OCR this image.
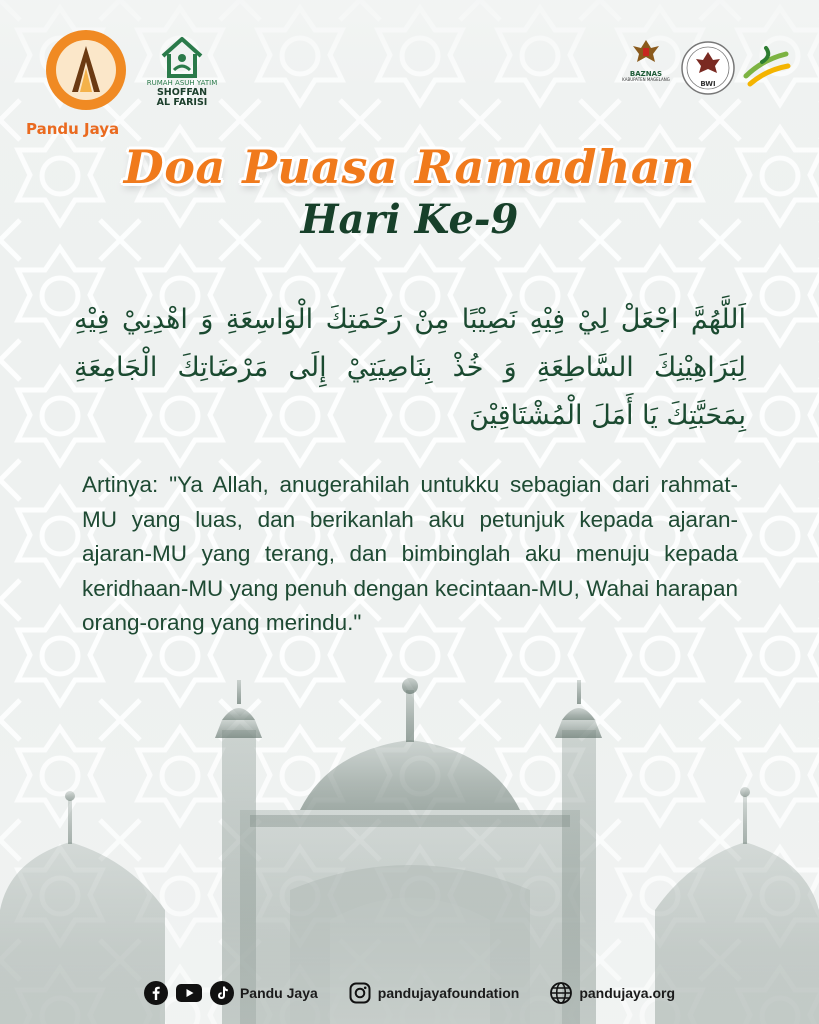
Pandu Jaya
RUMAH ASUH YATIM
SHOFFAN
AL FARISI
BAZNAS
KABUPATEN MAGELANG
BWI
Doa Puasa Ramadhan
Hari Ke-9
اَللَّهُمَّ اجْعَلْ لِيْ فِيْهِ نَصِيْبًا مِنْ رَحْمَتِكَ الْوَاسِعَةِ وَ اهْدِنِيْ فِيْهِ لِبَرَاهِيْنِكَ السَّاطِعَةِ وَ خُذْ بِنَاصِيَتِيْ إِلَى مَرْضَاتِكَ الْجَامِعَةِ بِمَحَبَّتِكَ يَا أَمَلَ الْمُشْتَاقِيْنَ
Artinya: "Ya Allah, anugerahilah untukku sebagian dari rahmat-MU yang luas, dan berikanlah aku petunjuk kepada ajaran- ajaran-MU yang terang, dan bimbinglah aku menuju kepada keridhaan-MU yang penuh dengan kecintaan-MU, Wahai harapan orang-orang yang merindu."
Pandu Jaya	pandujayafoundation	pandujaya.org
